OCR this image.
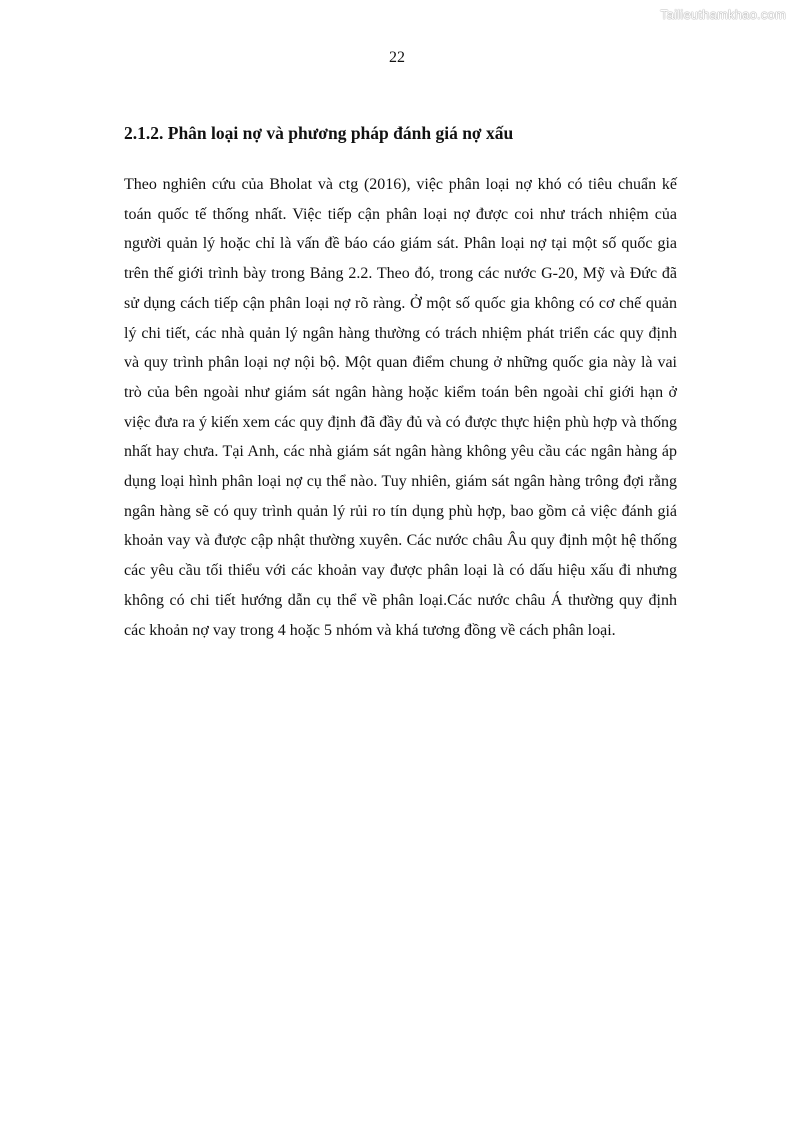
Tailieuthamkhao.com
22
2.1.2. Phân loại nợ và phương pháp đánh giá nợ xấu

Theo nghiên cứu của Bholat và ctg (2016), việc phân loại nợ khó có tiêu chuẩn kế toán quốc tế thống nhất. Việc tiếp cận phân loại nợ được coi như trách nhiệm của người quản lý hoặc chỉ là vấn đề báo cáo giám sát. Phân loại nợ tại một số quốc gia trên thế giới trình bày trong Bảng 2.2. Theo đó, trong các nước G-20, Mỹ và Đức đã sử dụng cách tiếp cận phân loại nợ rõ ràng. Ở một số quốc gia không có cơ chế quản lý chi tiết, các nhà quản lý ngân hàng thường có trách nhiệm phát triển các quy định và quy trình phân loại nợ nội bộ. Một quan điểm chung ở những quốc gia này là vai trò của bên ngoài như giám sát ngân hàng hoặc kiểm toán bên ngoài chỉ giới hạn ở việc đưa ra ý kiến xem các quy định đã đầy đủ và có được thực hiện phù hợp và thống nhất hay chưa. Tại Anh, các nhà giám sát ngân hàng không yêu cầu các ngân hàng áp dụng loại hình phân loại nợ cụ thể nào. Tuy nhiên, giám sát ngân hàng trông đợi rằng ngân hàng sẽ có quy trình quản lý rủi ro tín dụng phù hợp, bao gồm cả việc đánh giá khoản vay và được cập nhật thường xuyên. Các nước châu Âu quy định một hệ thống các yêu cầu tối thiểu với các khoản vay được phân loại là có dấu hiệu xấu đi nhưng không có chi tiết hướng dẫn cụ thể về phân loại.Các nước châu Á thường quy định các khoản nợ vay trong 4 hoặc 5 nhóm và khá tương đồng về cách phân loại.
